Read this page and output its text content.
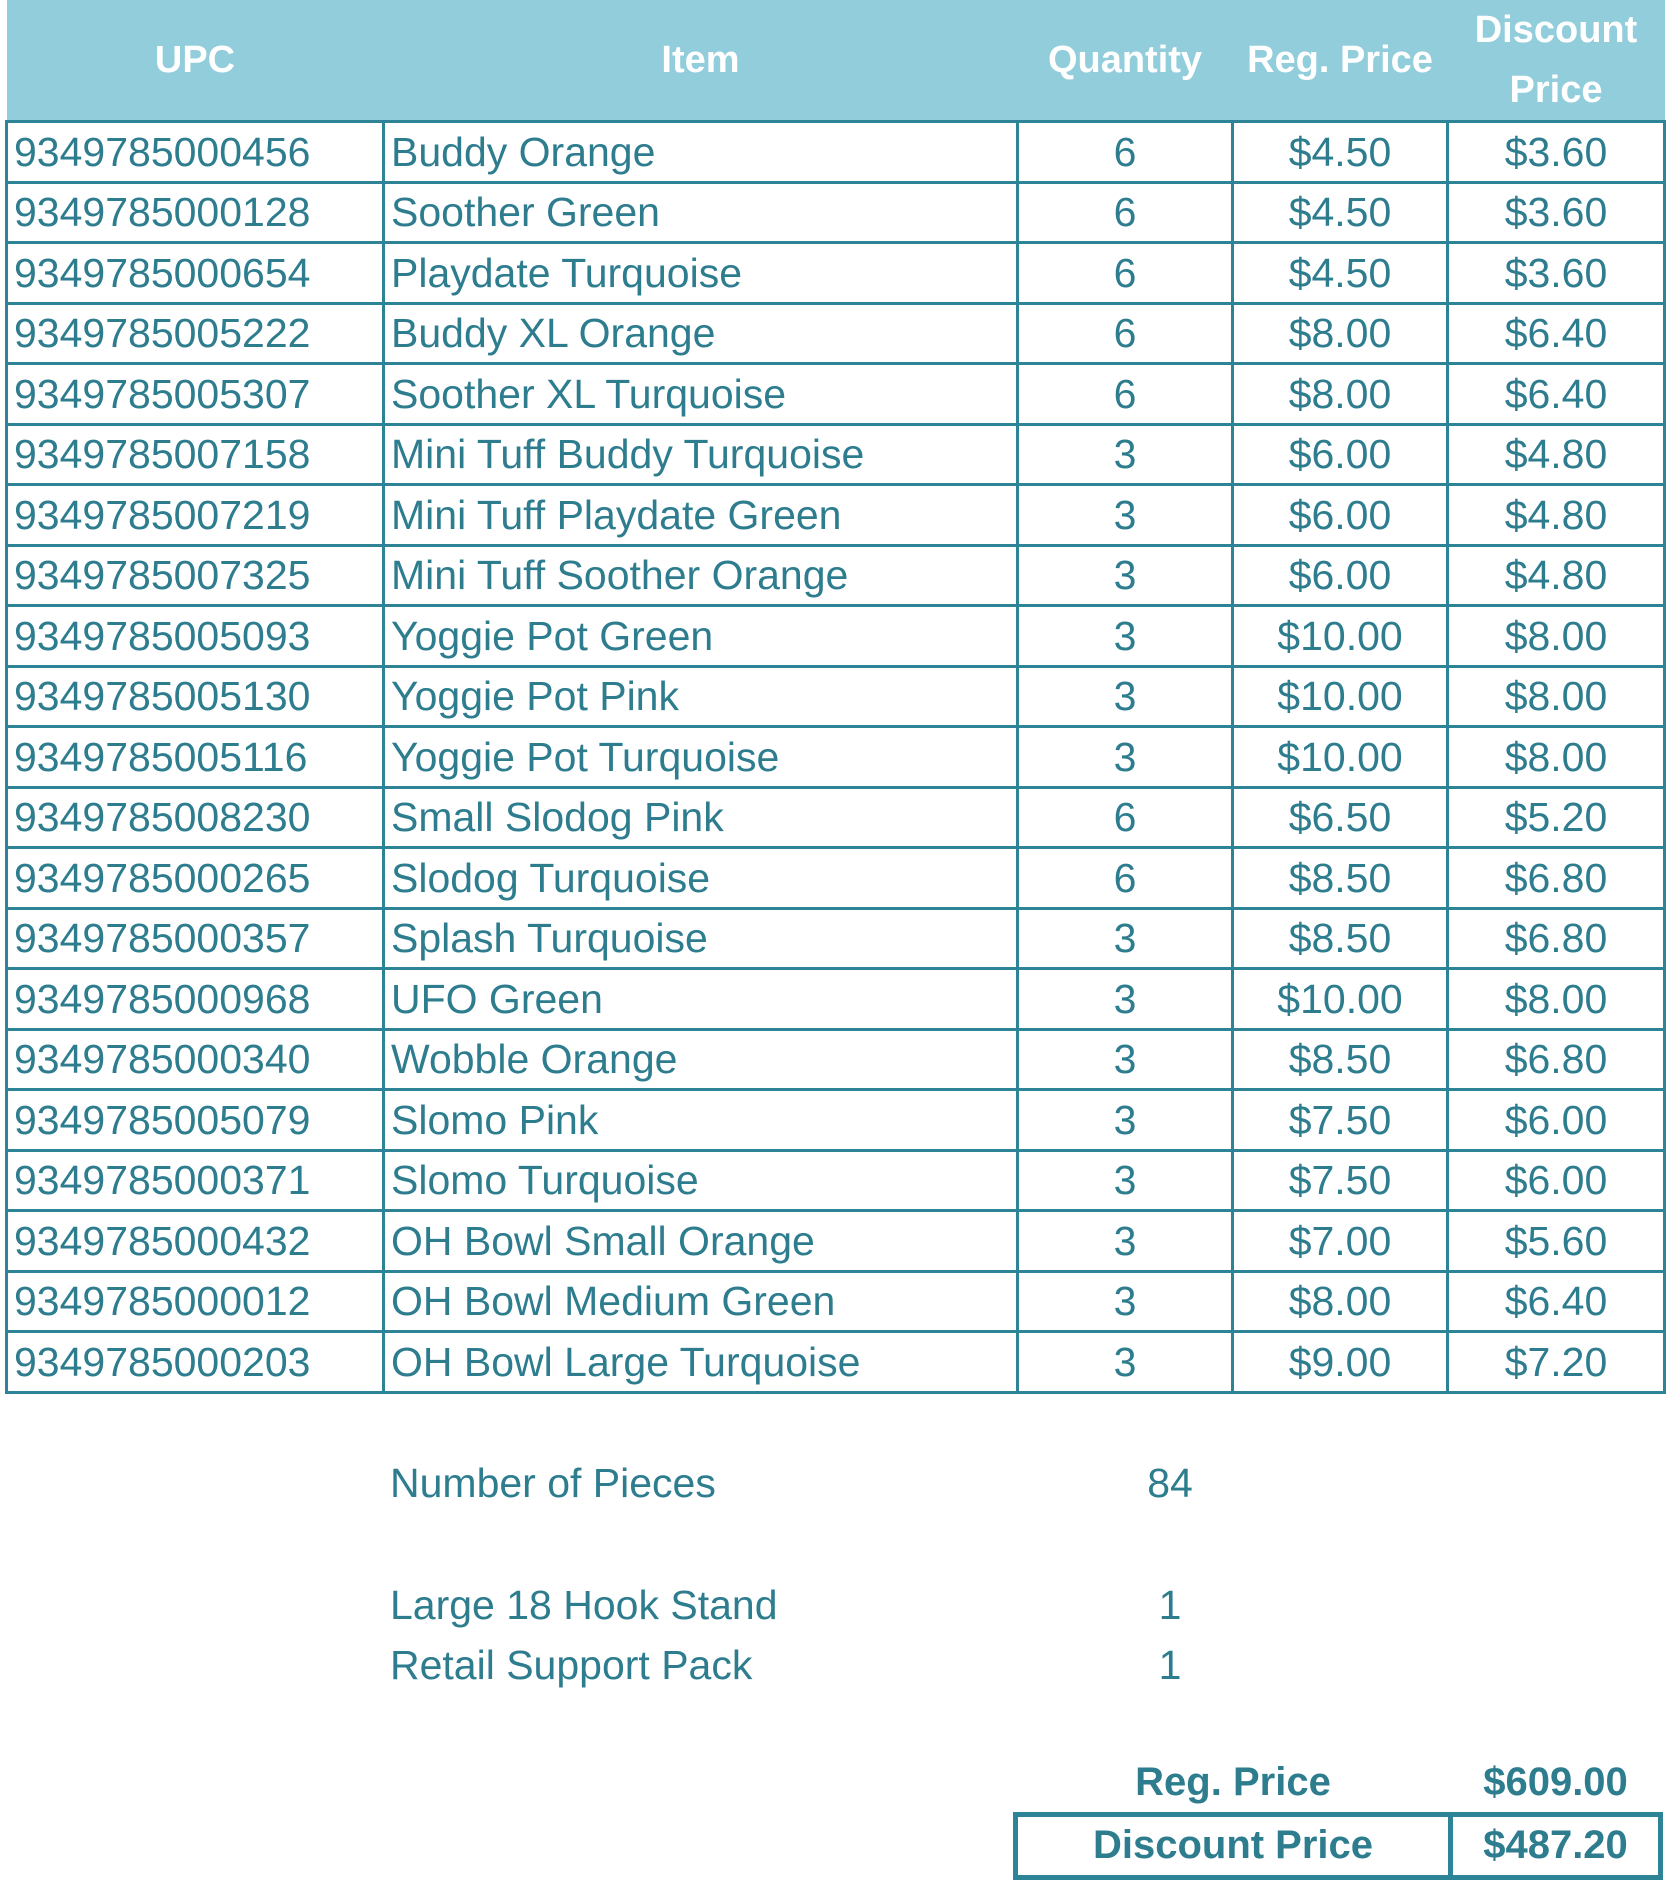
UPC	Item	Quantity	Reg. Price	Discount
Price

9349785000456	Buddy Orange	6	$4.50	$3.60
9349785000128	Soother Green	6	$4.50	$3.60
9349785000654	Playdate Turquoise	6	$4.50	$3.60
9349785005222	Buddy XL Orange	6	$8.00	$6.40
9349785005307	Soother XL Turquoise	6	$8.00	$6.40
9349785007158	Mini Tuff Buddy Turquoise	3	$6.00	$4.80
9349785007219	Mini Tuff Playdate Green	3	$6.00	$4.80
9349785007325	Mini Tuff Soother Orange	3	$6.00	$4.80
9349785005093	Yoggie Pot Green	3	$10.00	$8.00
9349785005130	Yoggie Pot Pink	3	$10.00	$8.00
9349785005116	Yoggie Pot Turquoise	3	$10.00	$8.00
9349785008230	Small Slodog Pink	6	$6.50	$5.20
9349785000265	Slodog Turquoise	6	$8.50	$6.80
9349785000357	Splash Turquoise	3	$8.50	$6.80
9349785000968	UFO Green	3	$10.00	$8.00
9349785000340	Wobble Orange	3	$8.50	$6.80
9349785005079	Slomo Pink	3	$7.50	$6.00
9349785000371	Slomo Turquoise	3	$7.50	$6.00
9349785000432	OH Bowl Small Orange	3	$7.00	$5.60
9349785000012	OH Bowl Medium Green	3	$8.00	$6.40
9349785000203	OH Bowl Large Turquoise	3	$9.00	$7.20
Number of Pieces	84
Large 18 Hook Stand	1
Retail Support Pack	1
Reg. Price	$609.00
Discount Price	$487.20
